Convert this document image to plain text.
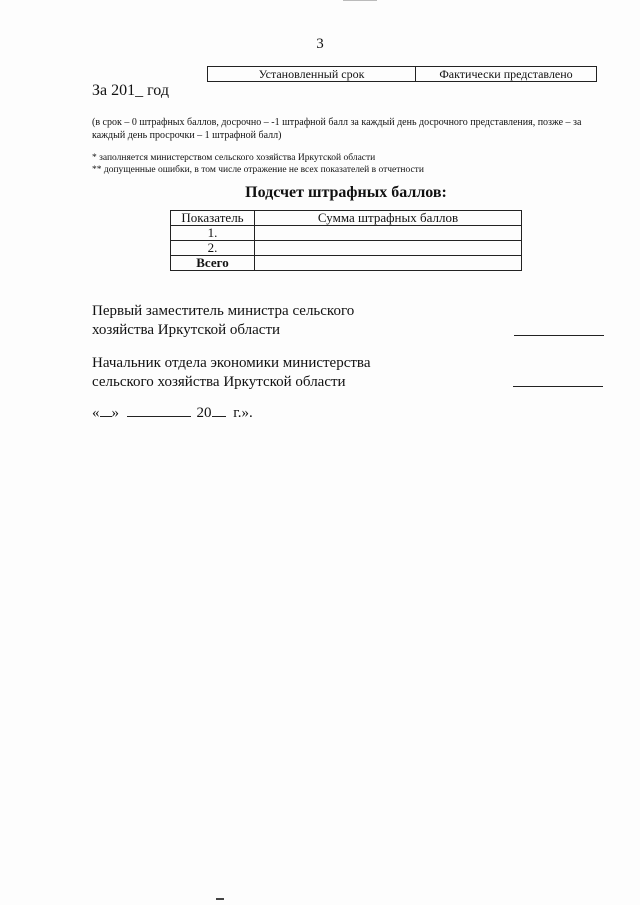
3
Установленный срок	Фактически представлено
За 201_ год
(в срок – 0 штрафных баллов, досрочно – -1 штрафной балл за каждый день досрочного представления, позже – за каждый день просрочки – 1 штрафной балл)
* заполняется министерством сельского хозяйства Иркутской области
** допущенные ошибки, в том числе отражение не всех показателей в отчетности
Подсчет штрафных баллов:
Показатель	Сумма штрафных баллов
1.	
2.	
Всего	
Первый заместитель министра сельского
хозяйства Иркутской области
Начальник отдела экономики министерства
сельского хозяйства Иркутской области
« »	20 г.».
